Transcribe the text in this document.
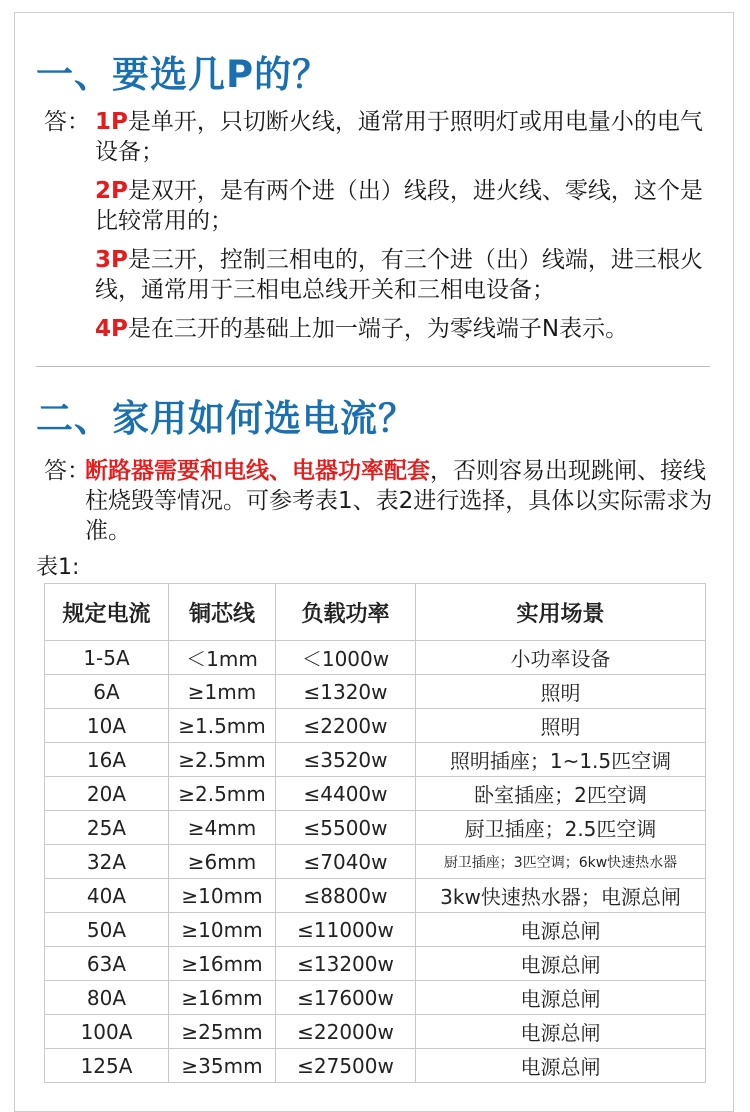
一、要选几P的？
答： 1P是单开，只切断火线，通常用于照明灯或用电量小的电气设备；
2P是双开，是有两个进（出）线段，进火线、零线，这个是比较常用的；
3P是三开，控制三相电的，有三个进（出）线端，进三根火线，通常用于三相电总线开关和三相电设备；
4P是在三开的基础上加一端子，为零线端子N表示。
二、家用如何选电流？
答：
断路器需要和电线、电器功率配套，否则容易出现跳闸、接线柱烧毁等情况。可参考表1、表2进行选择，具体以实际需求为准。
表1:
规定电流	铜芯线	负载功率	实用场景
1-5A	＜1mm	＜1000w	小功率设备
6A	≥1mm	≤1320w	照明
10A	≥1.5mm	≤2200w	照明
16A	≥2.5mm	≤3520w	照明插座；1~1.5匹空调
20A	≥2.5mm	≤4400w	卧室插座；2匹空调
25A	≥4mm	≤5500w	厨卫插座；2.5匹空调
32A	≥6mm	≤7040w	厨卫插座；3匹空调；6kw快速热水器
40A	≥10mm	≤8800w	3kw快速热水器；电源总闸
50A	≥10mm	≤11000w	电源总闸
63A	≥16mm	≤13200w	电源总闸
80A	≥16mm	≤17600w	电源总闸
100A	≥25mm	≤22000w	电源总闸
125A	≥35mm	≤27500w	电源总闸
